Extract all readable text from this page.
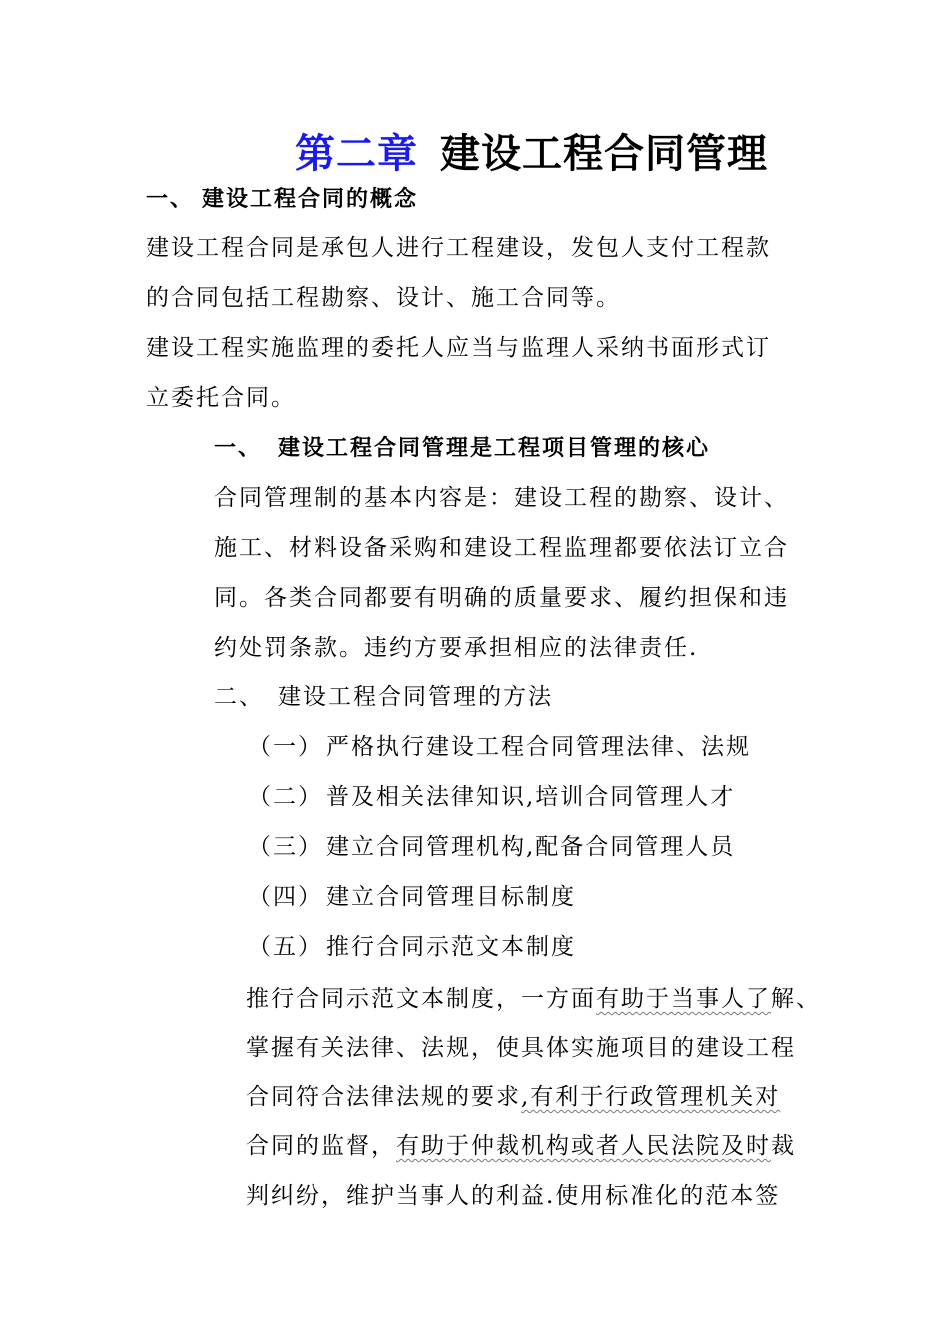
第二章 建设工程合同管理
一、 建设工程合同的概念
建设工程合同是承包人进行工程建设，发包人支付工程款
的合同包括工程勘察、设计、施工合同等。
建设工程实施监理的委托人应当与监理人采纳书面形式订
立委托合同。
一、 建设工程合同管理是工程项目管理的核心
合同管理制的基本内容是：建设工程的勘察、设计、
施工、材料设备采购和建设工程监理都要依法订立合
同。各类合同都要有明确的质量要求、履约担保和违
约处罚条款。违约方要承担相应的法律责任.
二、 建设工程合同管理的方法
（一） 严格执行建设工程合同管理法律、法规
（二） 普及相关法律知识,培训合同管理人才
（三） 建立合同管理机构,配备合同管理人员
（四） 建立合同管理目标制度
（五） 推行合同示范文本制度
推行合同示范文本制度，一方面有助于当事人了解、
掌握有关法律、法规，使具体实施项目的建设工程
合同符合法律法规的要求,有利于行政管理机关对
合同的监督，有助于仲裁机构或者人民法院及时裁
判纠纷，维护当事人的利益.使用标准化的范本签
